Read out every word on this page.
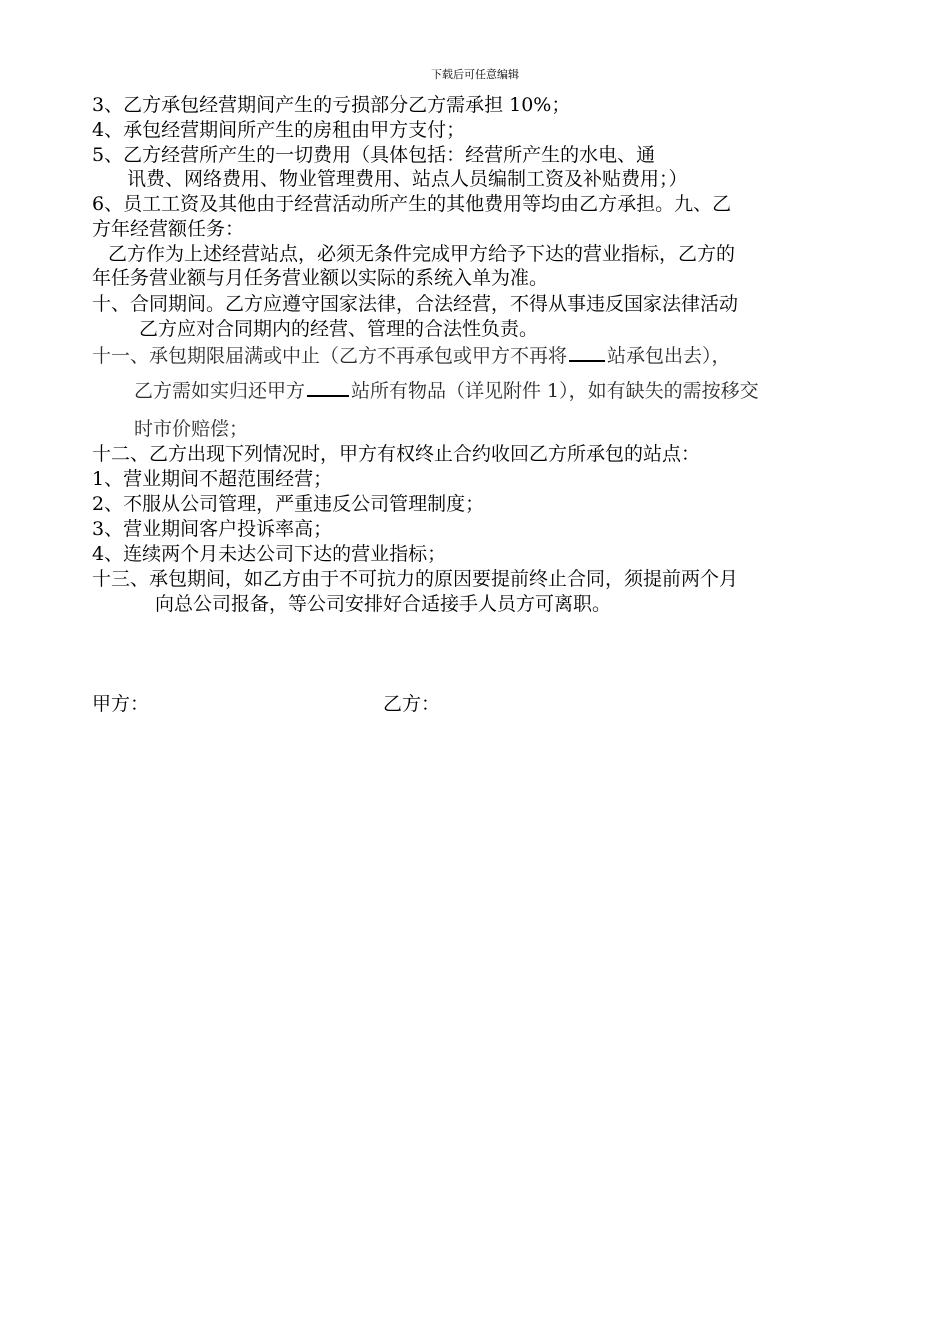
下载后可任意编辑
3、乙方承包经营期间产生的亏损部分乙方需承担 10%；
4、承包经营期间所产生的房租由甲方支付；
5、乙方经营所产生的一切费用（具体包括：经营所产生的水电、通
讯费、网络费用、物业管理费用、站点人员编制工资及补贴费用；）
6、员工工资及其他由于经营活动所产生的其他费用等均由乙方承担。九、乙
方年经营额任务：
乙方作为上述经营站点，必须无条件完成甲方给予下达的营业指标，乙方的
年任务营业额与月任务营业额以实际的系统入单为准。
十、合同期间。乙方应遵守国家法律，合法经营，不得从事违反国家法律活动
乙方应对合同期内的经营、管理的合法性负责。
十一、承包期限届满或中止（乙方不再承包或甲方不再将 站承包出去），
乙方需如实归还甲方 站所有物品（详见附件 1），如有缺失的需按移交
时市价赔偿；
十二、乙方出现下列情况时，甲方有权终止合约收回乙方所承包的站点：
1、营业期间不超范围经营；
2、不服从公司管理，严重违反公司管理制度；
3、营业期间客户投诉率高；
4、连续两个月未达公司下达的营业指标；
十三、承包期间，如乙方由于不可抗力的原因要提前终止合同，须提前两个月
向总公司报备，等公司安排好合适接手人员方可离职。
甲方：	乙方：
